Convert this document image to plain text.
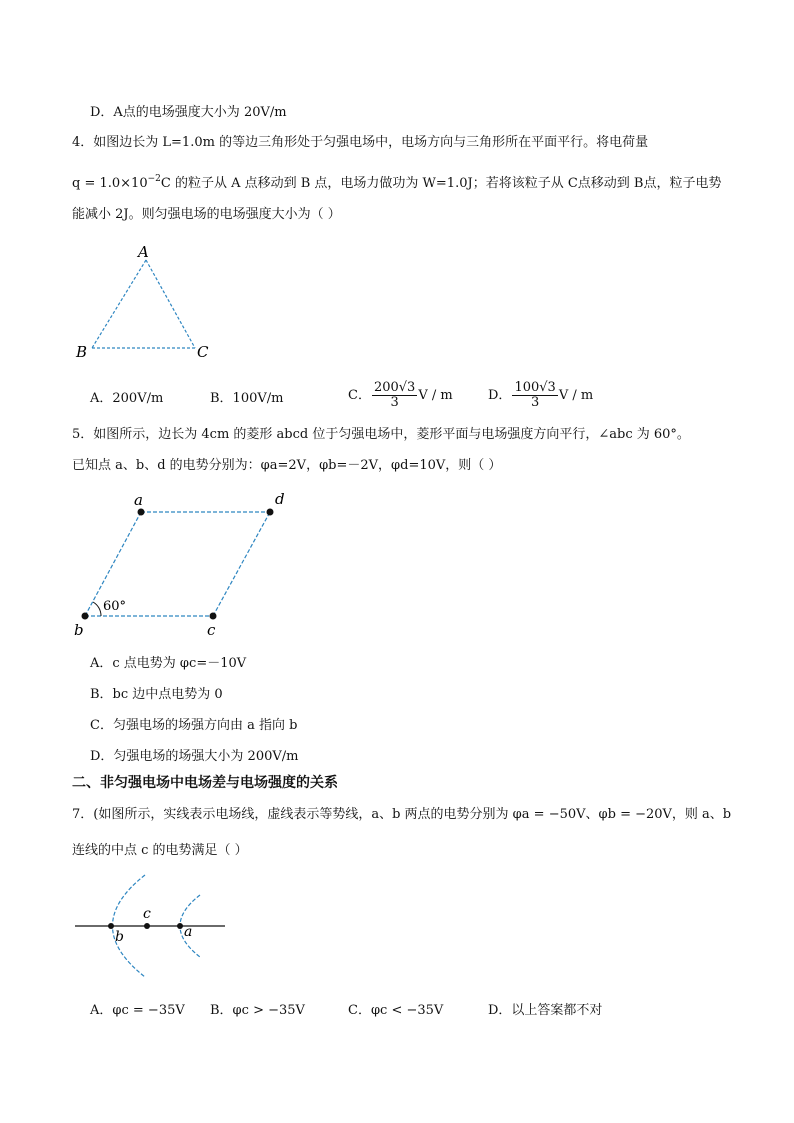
D．A点的电场强度大小为 20V/m
4．如图边长为 L=1.0m 的等边三角形处于匀强电场中，电场方向与三角形所在平面平行。将电荷量
$q = 1.0\times 10^{-2}C$ 的粒子从 A 点移动到 B 点，电场力做功为 W=1.0J；若将该粒子从 C点移动到 B点，粒子电势
能减小 2J。则匀强电场的电场强度大小为（ ）
A
B	C
A．200V/m	B．100V/m	C． $\frac{200√3}{3}$ V / m	D． $\frac{100√3}{3}$ V / m
5．如图所示，边长为 4cm 的菱形 abcd 位于匀强电场中，菱形平面与电场强度方向平行，∠abc 为 60°。
已知点 a、b、d 的电势分别为：φa=2V，φb=－2V，φd=10V，则（ ）
a	d
b	c
60°
A．c 点电势为 φc=－10V
B．bc 边中点电势为 0
C．匀强电场的场强方向由 a 指向 b
D．匀强电场的场强大小为 200V/m
二、非匀强电场中电场差与电场强度的关系
7．(如图所示，实线表示电场线，虚线表示等势线，a、b 两点的电势分别为 φa = −50V、φb = −20V，则 a、b
连线的中点 c 的电势满足（ ）
b
c
a
A．φc = −35V B．φc > −35V	C．φc < −35V	D．以上答案都不对
